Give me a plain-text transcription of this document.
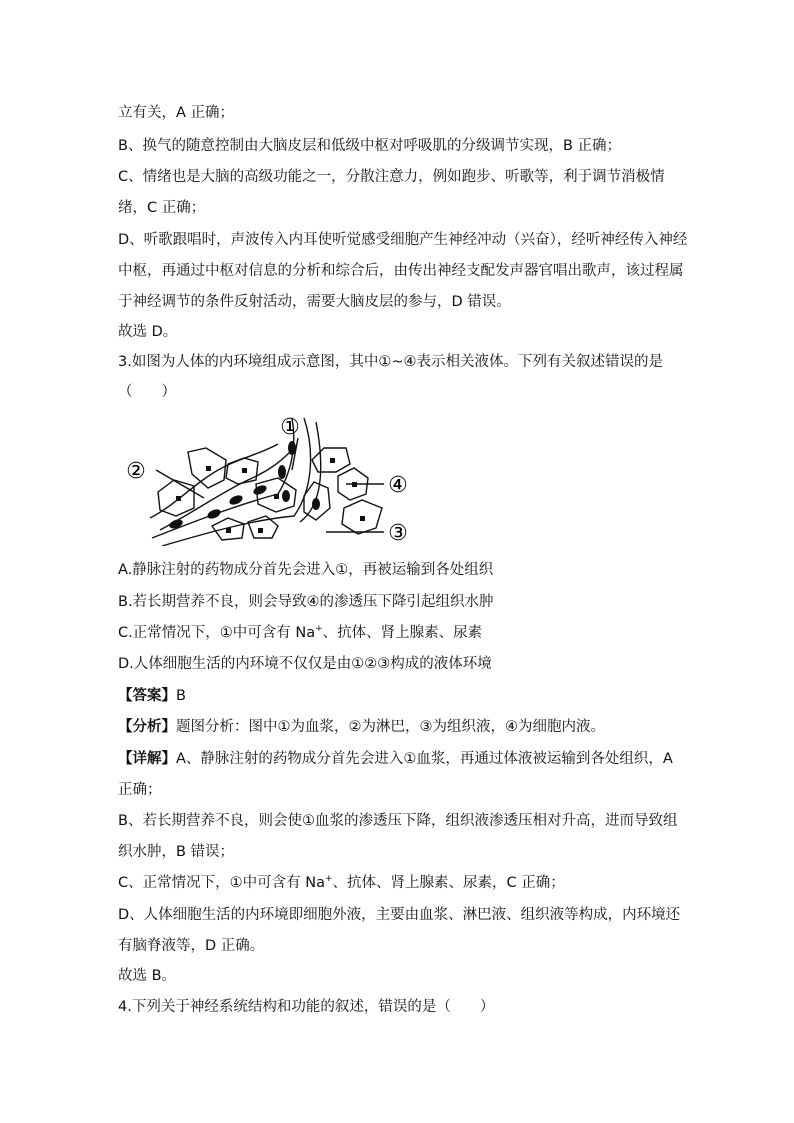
立有关，A 正确；
B、换气的随意控制由大脑皮层和低级中枢对呼吸肌的分级调节实现，B 正确；
C、情绪也是大脑的高级功能之一，分散注意力，例如跑步、听歌等，利于调节消极情
绪，C 正确；
D、听歌跟唱时，声波传入内耳使听觉感受细胞产生神经冲动（兴奋），经听神经传入神经
中枢，再通过中枢对信息的分析和综合后，由传出神经支配发声器官唱出歌声，该过程属
于神经调节的条件反射活动，需要大脑皮层的参与，D 错误。
故选 D。
3.如图为人体的内环境组成示意图，其中①~④表示相关液体。下列有关叙述错误的是
（　　）
①
②
④
③
A.静脉注射的药物成分首先会进入①，再被运输到各处组织
B.若长期营养不良，则会导致④的渗透压下降引起组织水肿
C.正常情况下，①中可含有 Na+、抗体、肾上腺素、尿素
D.人体细胞生活的内环境不仅仅是由①②③构成的液体环境
【答案】B
【分析】题图分析：图中①为血浆，②为淋巴，③为组织液，④为细胞内液。
【详解】A、静脉注射的药物成分首先会进入①血浆，再通过体液被运输到各处组织，A
正确；
B、若长期营养不良，则会使①血浆的渗透压下降，组织液渗透压相对升高，进而导致组
织水肿，B 错误；
C、正常情况下，①中可含有 Na+、抗体、肾上腺素、尿素，C 正确；
D、人体细胞生活的内环境即细胞外液，主要由血浆、淋巴液、组织液等构成，内环境还
有脑脊液等，D 正确。
故选 B。
4.下列关于神经系统结构和功能的叙述，错误的是（　　）
